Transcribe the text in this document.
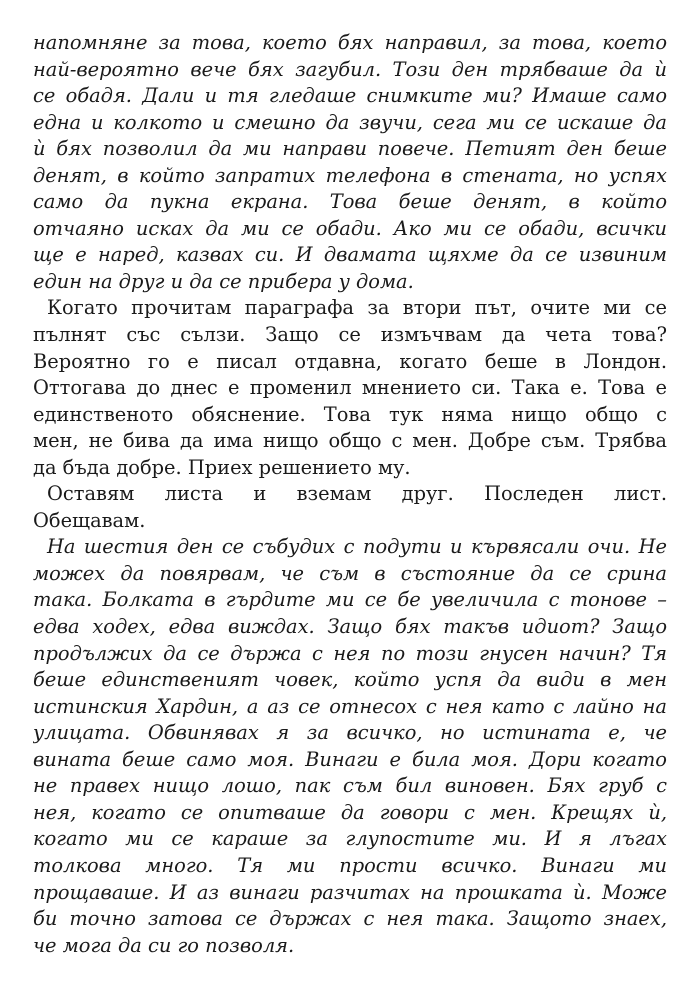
напомняне за това, което бях направил, за това, което
най-вероятно вече бях загубил. Този ден трябваше да ѝ
се обадя. Дали и тя гледаше снимките ми? Имаше само
една и колкото и смешно да звучи, сега ми се искаше да
ѝ бях позволил да ми направи повече. Петият ден беше
денят, в който запратих телефона в стената, но успях
само да пукна екрана. Това беше денят, в който
отчаяно исках да ми се обади. Ако ми се обади, всички
ще е наред, казвах си. И двамата щяхме да се извиним
един на друг и да се прибера у дома.
Когато прочитам параграфа за втори път, очите ми се
пълнят със сълзи. Защо се измъчвам да чета това?
Вероятно го е писал отдавна, когато беше в Лондон.
Оттогава до днес е променил мнението си. Така е. Това е
единственото обяснение. Това тук няма нищо общо с
мен, не бива да има нищо общо с мен. Добре съм. Трябва
да бъда добре. Приех решението му.
Оставям листа и вземам друг. Последен лист.
Обещавам.
На шестия ден се събудих с подути и кървясали очи. Не
можех да повярвам, че съм в състояние да се срина
така. Болката в гърдите ми се бе увеличила с тонове –
едва ходех, едва виждах. Защо бях такъв идиот? Защо
продължих да се държа с нея по този гнусен начин? Тя
беше единственият човек, който успя да види в мен
истинския Хардин, а аз се отнесох с нея като с лайно на
улицата. Обвинявах я за всичко, но истината е, че
вината беше само моя. Винаги е била моя. Дори когато
не правех нищо лошо, пак съм бил виновен. Бях груб с
нея, когато се опитваше да говори с мен. Крещях ѝ,
когато ми се караше за глупостите ми. И я лъгах
толкова много. Тя ми прости всичко. Винаги ми
прощаваше. И аз винаги разчитах на прошката ѝ. Може
би точно затова се държах с нея така. Защото знаех,
че мога да си го позволя.
